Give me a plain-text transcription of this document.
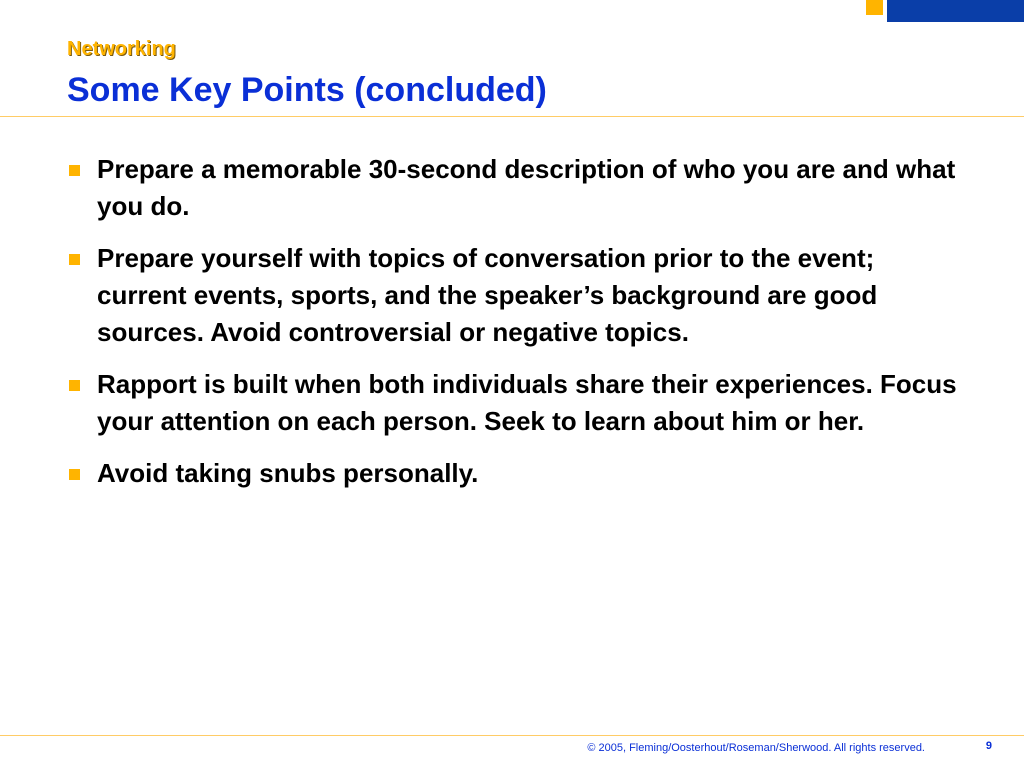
Networking
Some Key Points (concluded)
Prepare a memorable 30-second description of who you are and what you do.
Prepare yourself with topics of conversation prior to the event; current events, sports, and the speaker’s background are good sources. Avoid controversial or negative topics.
Rapport is built when both individuals share their experiences. Focus your attention on each person. Seek to learn about him or her.
Avoid taking snubs personally.
© 2005, Fleming/Oosterhout/Roseman/Sherwood. All rights reserved.	9
